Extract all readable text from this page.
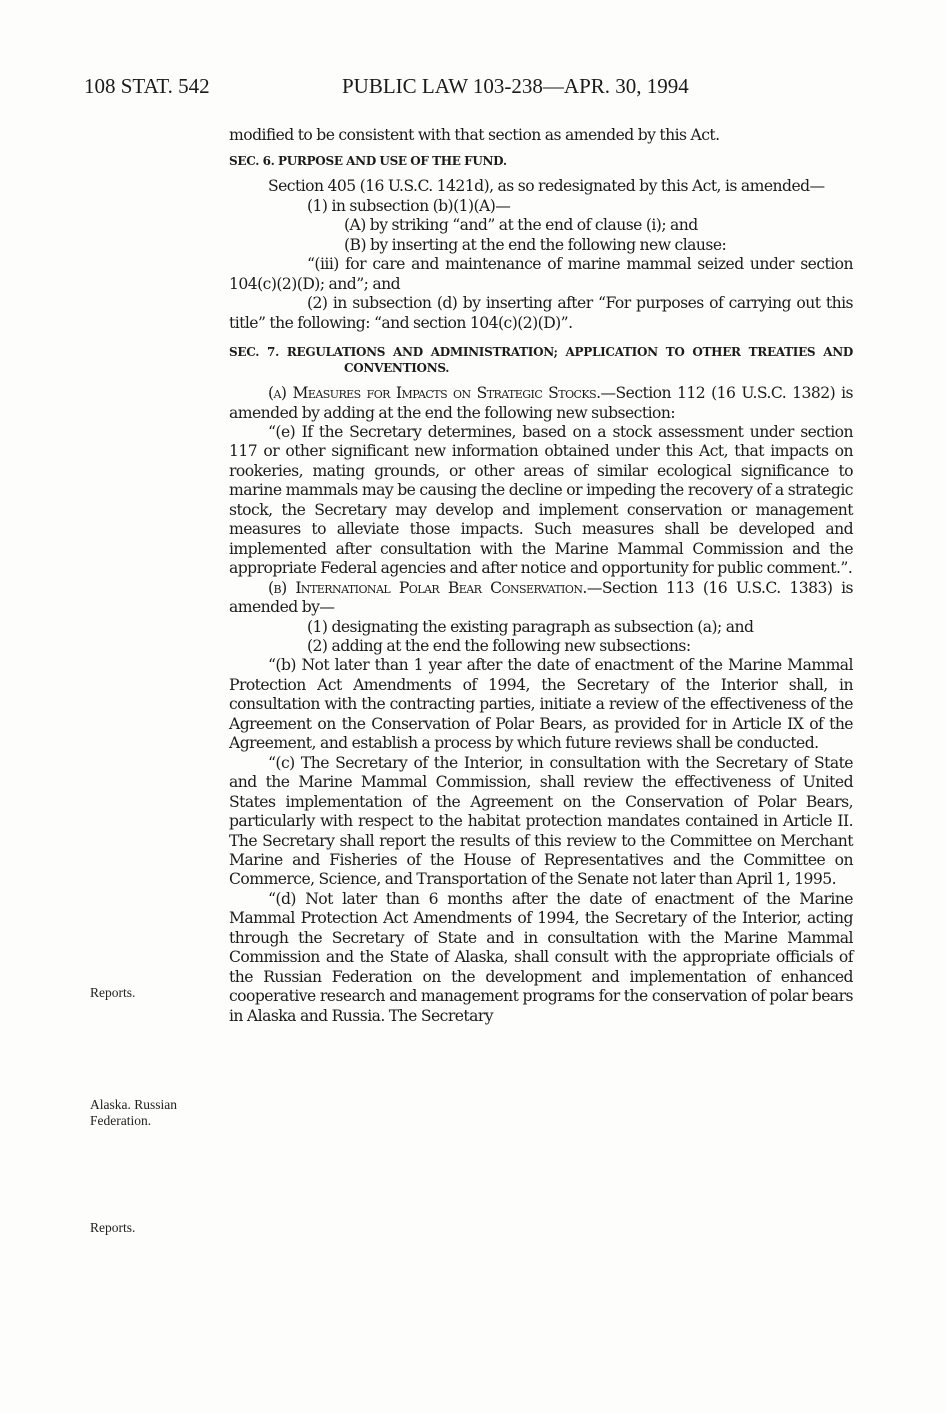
108 STAT. 542	PUBLIC LAW 103-238—APR. 30, 1994
Reports.
Alaska. Russian Federation.
Reports.

modified to be consistent with that section as amended by this Act.

SEC. 6. PURPOSE AND USE OF THE FUND.

Section 405 (16 U.S.C. 1421d), as so redesignated by this Act, is amended—

(1) in subsection (b)(1)(A)—

(A) by striking “and” at the end of clause (i); and

(B) by inserting at the end the following new clause:

“(iii) for care and maintenance of marine mammal seized under section 104(c)(2)(D); and”; and

(2) in subsection (d) by inserting after “For purposes of carrying out this title” the following: “and section 104(c)(2)(D)”.

SEC. 7. REGULATIONS AND ADMINISTRATION; APPLICATION TO OTHER TREATIES AND CONVENTIONS.

(a) Measures for Impacts on Strategic Stocks.—Section 112 (16 U.S.C. 1382) is amended by adding at the end the following new subsection:

“(e) If the Secretary determines, based on a stock assessment under section 117 or other significant new information obtained under this Act, that impacts on rookeries, mating grounds, or other areas of similar ecological significance to marine mammals may be causing the decline or impeding the recovery of a strategic stock, the Secretary may develop and implement conservation or management measures to alleviate those impacts. Such measures shall be developed and implemented after consultation with the Marine Mammal Commission and the appropriate Federal agencies and after notice and opportunity for public comment.”.

(b) International Polar Bear Conservation.—Section 113 (16 U.S.C. 1383) is amended by—

(1) designating the existing paragraph as subsection (a); and

(2) adding at the end the following new subsections:

“(b) Not later than 1 year after the date of enactment of the Marine Mammal Protection Act Amendments of 1994, the Secretary of the Interior shall, in consultation with the contracting parties, initiate a review of the effectiveness of the Agreement on the Conservation of Polar Bears, as provided for in Article IX of the Agreement, and establish a process by which future reviews shall be conducted.

“(c) The Secretary of the Interior, in consultation with the Secretary of State and the Marine Mammal Commission, shall review the effectiveness of United States implementation of the Agreement on the Conservation of Polar Bears, particularly with respect to the habitat protection mandates contained in Article II. The Secretary shall report the results of this review to the Committee on Merchant Marine and Fisheries of the House of Representatives and the Committee on Commerce, Science, and Transportation of the Senate not later than April 1, 1995.

“(d) Not later than 6 months after the date of enactment of the Marine Mammal Protection Act Amendments of 1994, the Secretary of the Interior, acting through the Secretary of State and in consultation with the Marine Mammal Commission and the State of Alaska, shall consult with the appropriate officials of the Russian Federation on the development and implementation of enhanced cooperative research and management programs for the conservation of polar bears in Alaska and Russia. The Secretary
